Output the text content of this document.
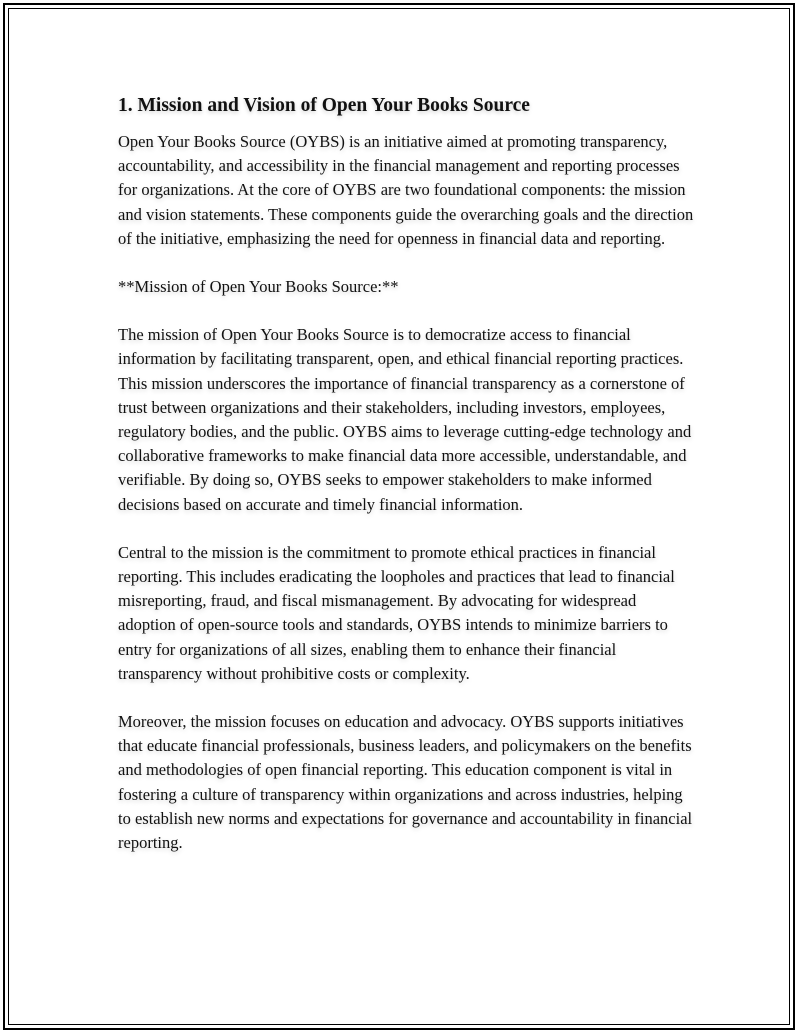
1. Mission and Vision of Open Your Books Source

Open Your Books Source (OYBS) is an initiative aimed at promoting transparency, accountability, and accessibility in the financial management and reporting processes for organizations. At the core of OYBS are two foundational components: the mission and vision statements. These components guide the overarching goals and the direction of the initiative, emphasizing the need for openness in financial data and reporting.

**Mission of Open Your Books Source:**

The mission of Open Your Books Source is to democratize access to financial information by facilitating transparent, open, and ethical financial reporting practices. This mission underscores the importance of financial transparency as a cornerstone of trust between organizations and their stakeholders, including investors, employees, regulatory bodies, and the public. OYBS aims to leverage cutting-edge technology and collaborative frameworks to make financial data more accessible, understandable, and verifiable. By doing so, OYBS seeks to empower stakeholders to make informed decisions based on accurate and timely financial information.

Central to the mission is the commitment to promote ethical practices in financial reporting. This includes eradicating the loopholes and practices that lead to financial misreporting, fraud, and fiscal mismanagement. By advocating for widespread adoption of open-source tools and standards, OYBS intends to minimize barriers to entry for organizations of all sizes, enabling them to enhance their financial transparency without prohibitive costs or complexity.

Moreover, the mission focuses on education and advocacy. OYBS supports initiatives that educate financial professionals, business leaders, and policymakers on the benefits and methodologies of open financial reporting. This education component is vital in fostering a culture of transparency within organizations and across industries, helping to establish new norms and expectations for governance and accountability in financial reporting.
